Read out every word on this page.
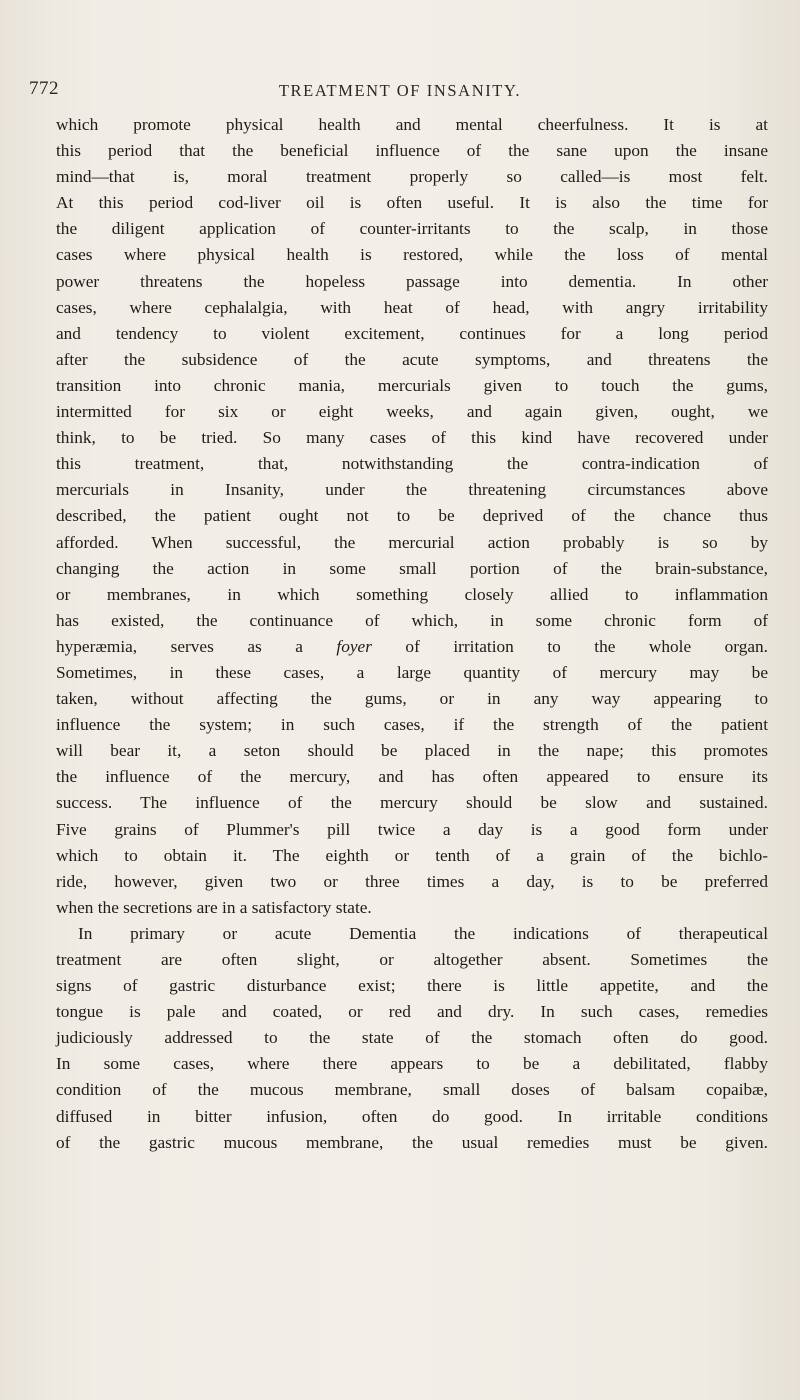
772	TREATMENT OF INSANITY.
which promote physical health and mental cheerfulness. It is at
this period that the beneficial influence of the sane upon the insane
mind—that is, moral treatment properly so called—is most felt.
At this period cod-liver oil is often useful. It is also the time for
the diligent application of counter-irritants to the scalp, in those
cases where physical health is restored, while the loss of mental
power threatens the hopeless passage into dementia. In other
cases, where cephalalgia, with heat of head, with angry irritability
and tendency to violent excitement, continues for a long period
after the subsidence of the acute symptoms, and threatens the
transition into chronic mania, mercurials given to touch the gums,
intermitted for six or eight weeks, and again given, ought, we
think, to be tried. So many cases of this kind have recovered under
this treatment, that, notwithstanding the contra-indication of
mercurials in Insanity, under the threatening circumstances above
described, the patient ought not to be deprived of the chance thus
afforded. When successful, the mercurial action probably is so by
changing the action in some small portion of the brain-substance,
or membranes, in which something closely allied to inflammation
has existed, the continuance of which, in some chronic form of
hyperæmia, serves as a foyer of irritation to the whole organ.
Sometimes, in these cases, a large quantity of mercury may be
taken, without affecting the gums, or in any way appearing to
influence the system; in such cases, if the strength of the patient
will bear it, a seton should be placed in the nape; this promotes
the influence of the mercury, and has often appeared to ensure its
success. The influence of the mercury should be slow and sustained.
Five grains of Plummer's pill twice a day is a good form under
which to obtain it. The eighth or tenth of a grain of the bichlo-
ride, however, given two or three times a day, is to be preferred
when the secretions are in a satisfactory state.
In primary or acute Dementia the indications of therapeutical
treatment are often slight, or altogether absent. Sometimes the
signs of gastric disturbance exist; there is little appetite, and the
tongue is pale and coated, or red and dry. In such cases, remedies
judiciously addressed to the state of the stomach often do good.
In some cases, where there appears to be a debilitated, flabby
condition of the mucous membrane, small doses of balsam copaibæ,
diffused in bitter infusion, often do good. In irritable conditions
of the gastric mucous membrane, the usual remedies must be given.
